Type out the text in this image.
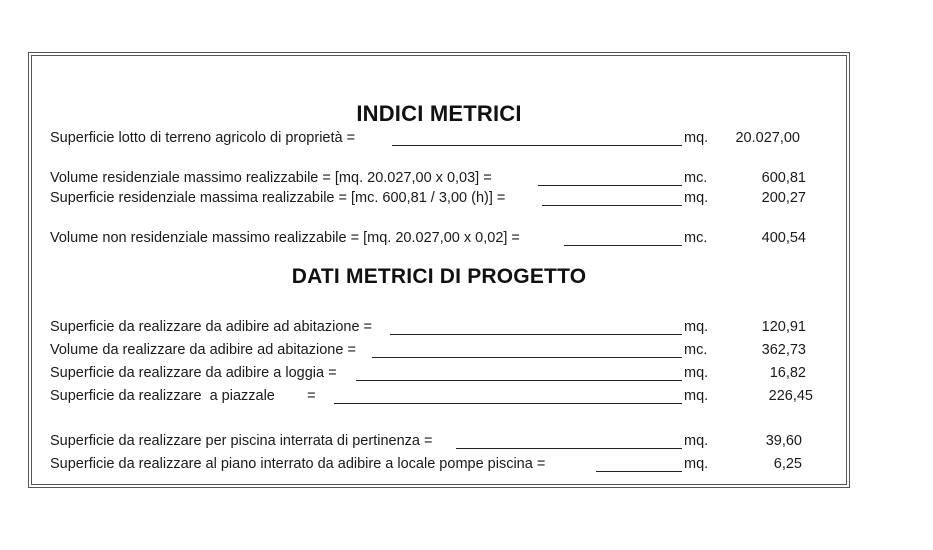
INDICI METRICI
Superficie lotto di terreno agricolo di proprietà =	mq.	20.027,00
Volume residenziale massimo realizzabile = [mq. 20.027,00 x 0,03] =	mc.	600,81
Superficie residenziale massima realizzabile = [mc. 600,81 / 3,00 (h)] =	mq.	200,27
Volume non residenziale massimo realizzabile = [mq. 20.027,00 x 0,02] =	mc.	400,54
DATI METRICI DI PROGETTO
Superficie da realizzare da adibire ad abitazione =	mq.	120,91
Volume da realizzare da adibire ad abitazione =	mc.	362,73
Superficie da realizzare da adibire a loggia =	mq.	16,82
Superficie da realizzare  a piazzale        =	mq.	226,45
Superficie da realizzare per piscina interrata di pertinenza =	mq.	39,60
Superficie da realizzare al piano interrato da adibire a locale pompe piscina =	mq.	6,25
